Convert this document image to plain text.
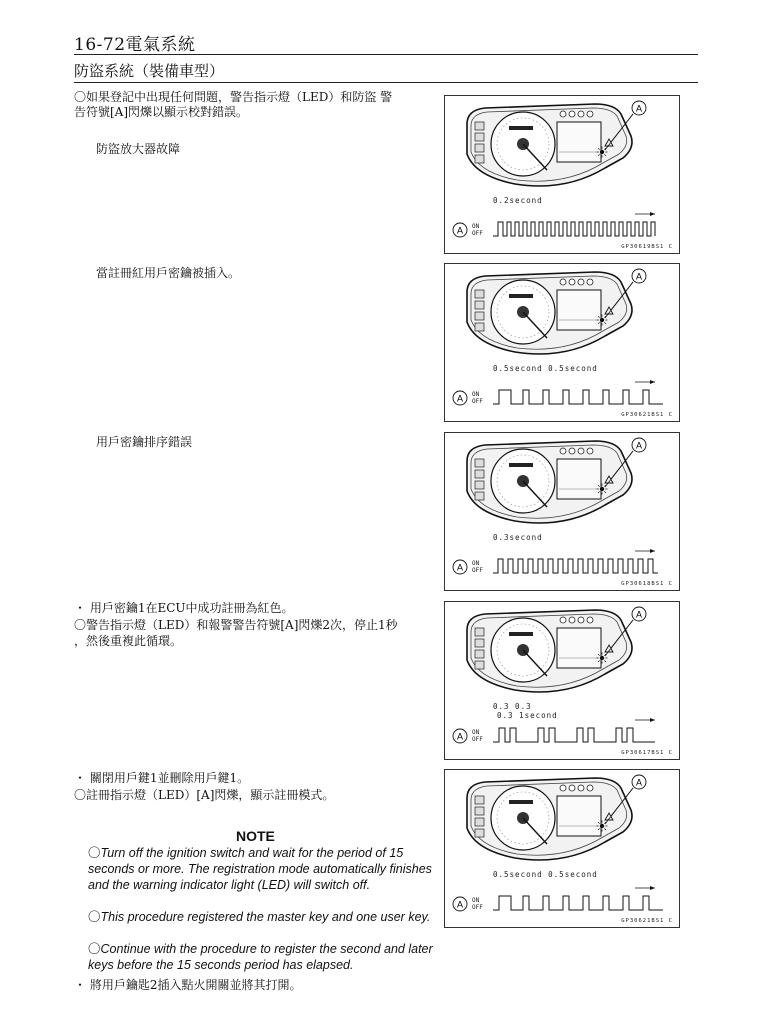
16-72電氣系統
防盜系統（裝備車型）
〇如果登記中出現任何問題，警告指示燈（LED）和防盜 警
告符號[A]閃爍以顯示校對錯誤。
防盜放大器故障
當註冊紅用戶密鑰被插入。
用戶密鑰排序錯誤
・ 用戶密鑰1在ECU中成功註冊為紅色。
〇警告指示燈（LED）和報警警告符號[A]閃爍2次，停止1秒
，然後重複此循環。
・ 關閉用戶鍵1並刪除用戶鍵1。
〇註冊指示燈（LED）[A]閃爍，顯示註冊模式。
NOTE
〇Turn off the ignition switch and wait for the period of 15 seconds or more. The registration mode automatically finishes and the warning indicator light (LED) will switch off.
〇This procedure registered the master key and one user key.
〇Continue with the procedure to register the second and later keys before the 15 seconds period has elapsed.
・ 將用戶鑰匙2插入點火開關並將其打開。
A
0.2second
A ON
OFF
GP30619BS1 C
A
0.5second 0.5second
A ON
OFF
GP30621BS1 C
A
0.3second
A ON
OFF
GP30618BS1 C
A
0.3 0.3
0.3 1second
A ON
OFF
GP30617BS1 C
A
0.5second 0.5second
A ON
OFF
GP30621BS1 C
